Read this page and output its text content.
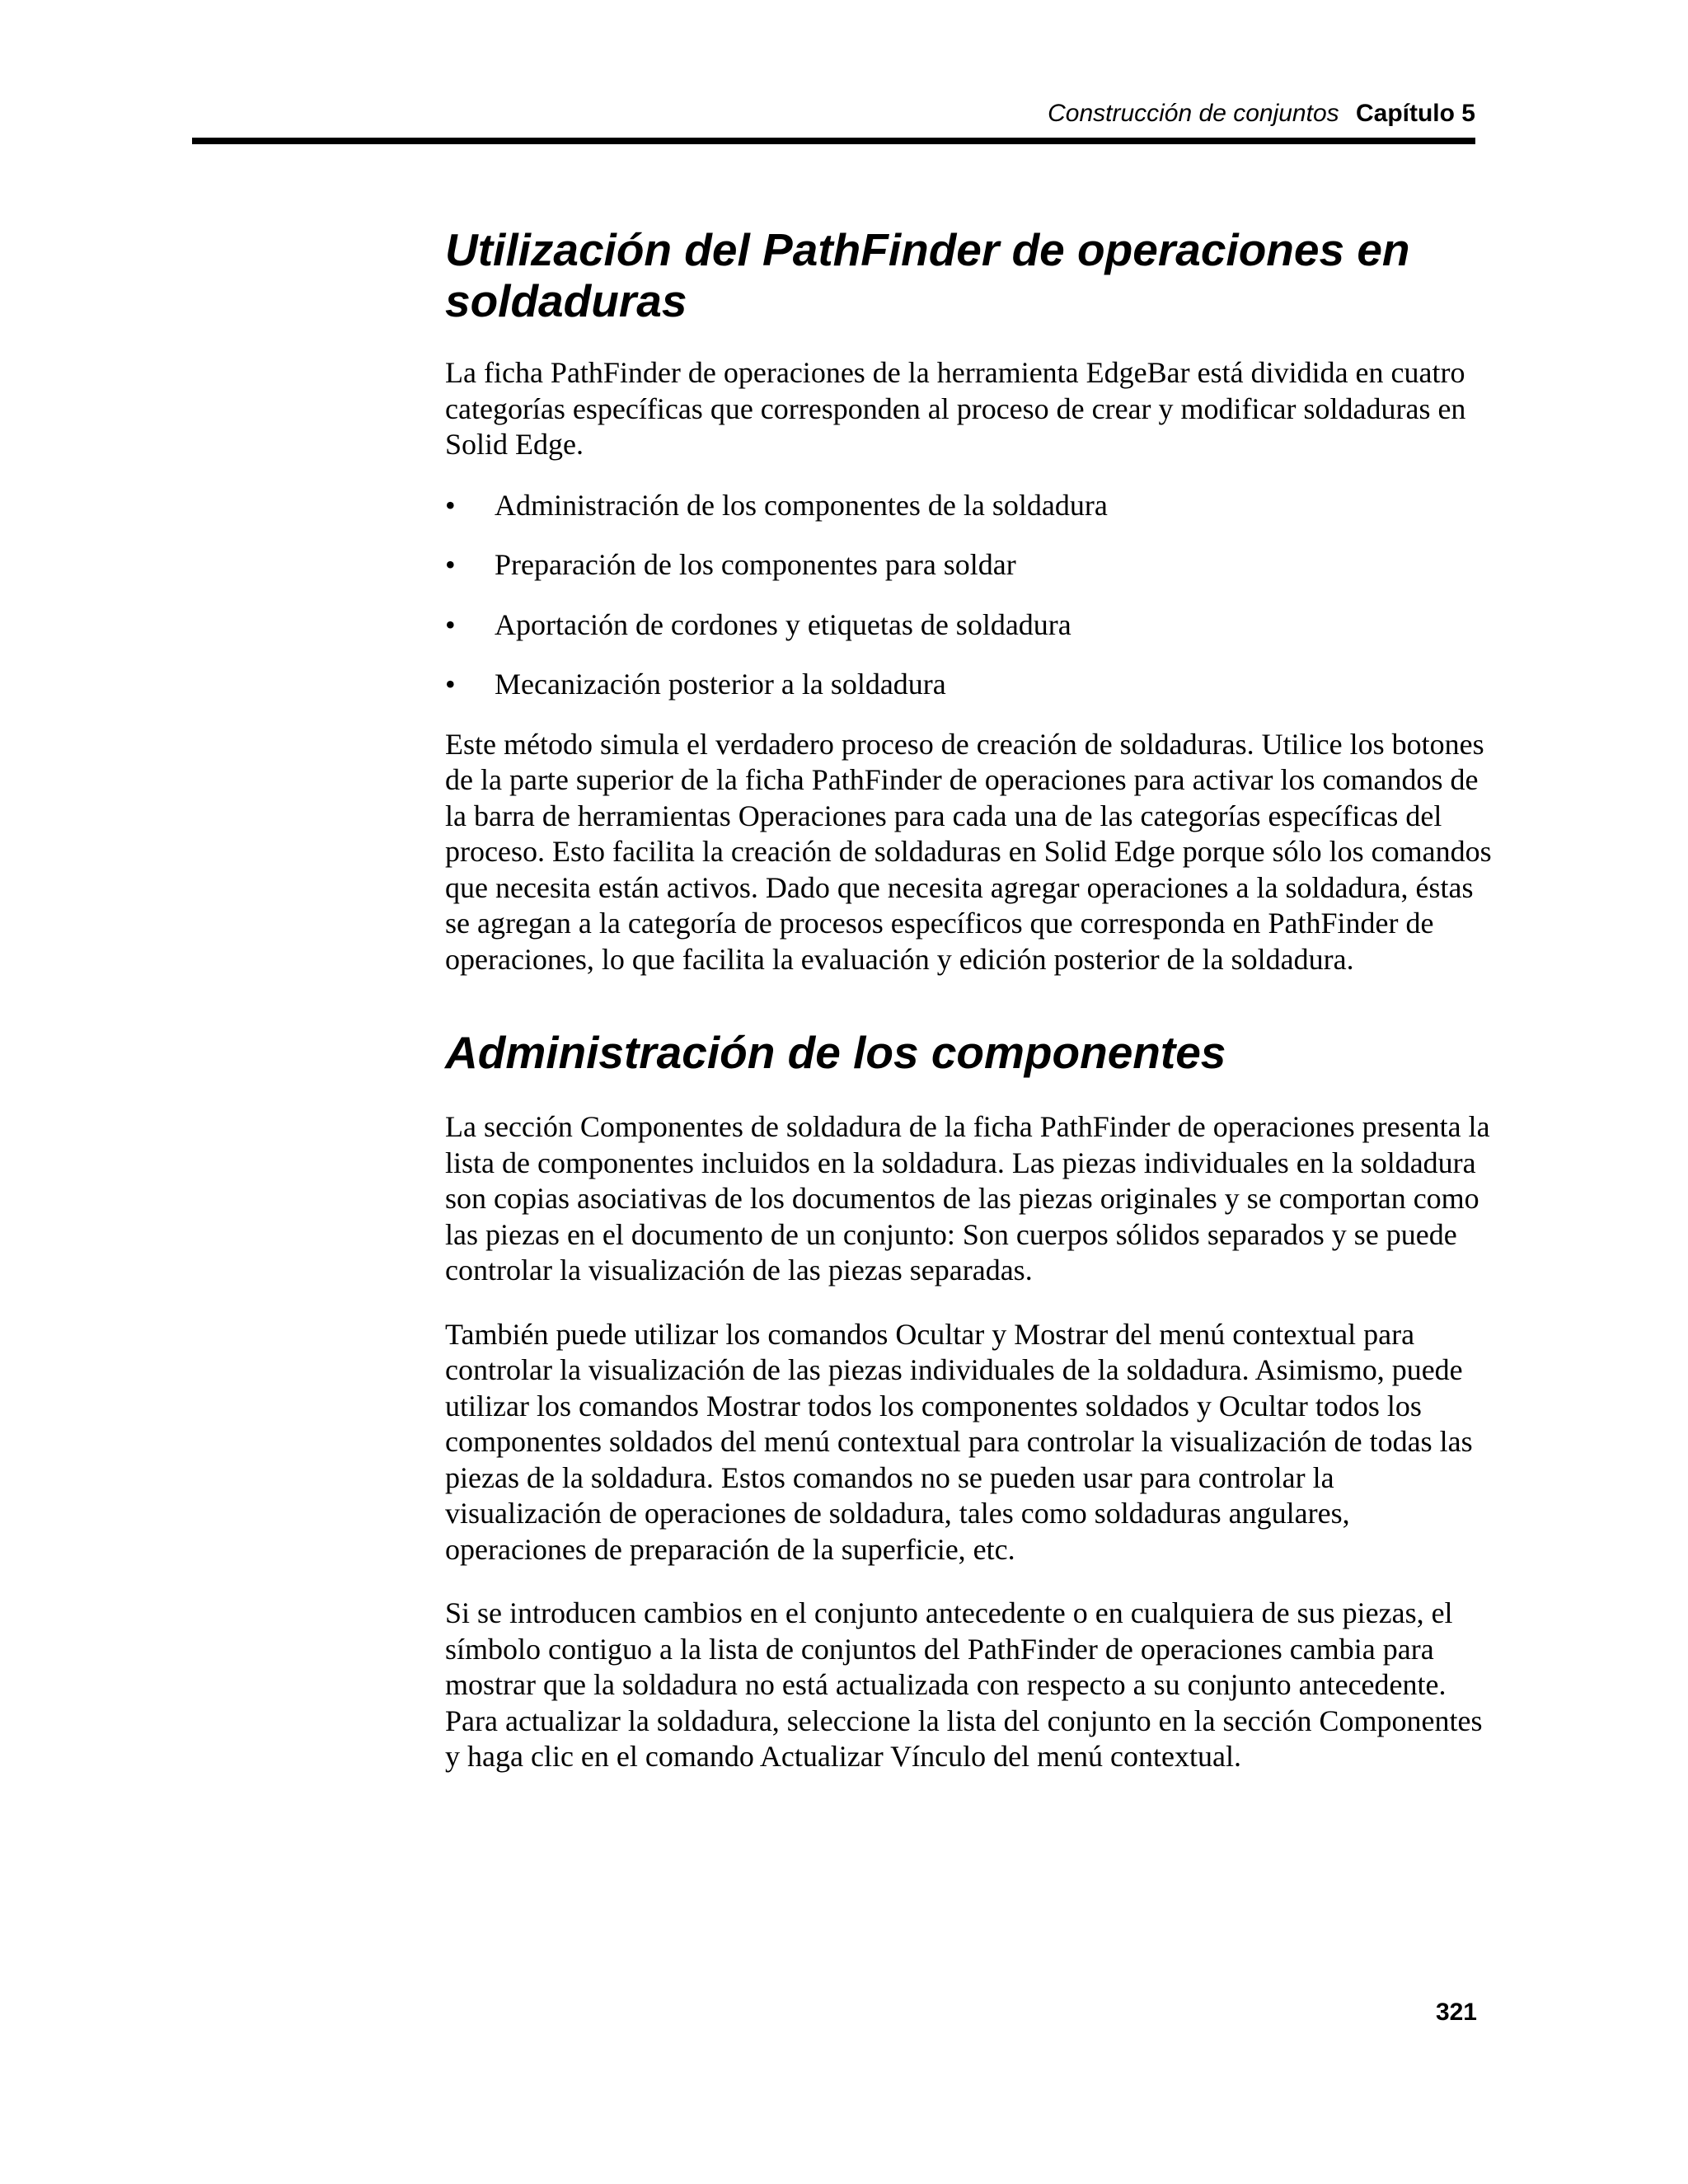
Construcción de conjuntos Capítulo 5
Utilización del PathFinder de operaciones en soldaduras

La ficha PathFinder de operaciones de la herramienta EdgeBar está dividida en cuatro categorías específicas que corresponden al proceso de crear y modificar soldaduras en Solid Edge.

• Administración de los componentes de la soldadura
• Preparación de los componentes para soldar
• Aportación de cordones y etiquetas de soldadura
• Mecanización posterior a la soldadura

Este método simula el verdadero proceso de creación de soldaduras. Utilice los botones de la parte superior de la ficha PathFinder de operaciones para activar los comandos de la barra de herramientas Operaciones para cada una de las categorías específicas del proceso. Esto facilita la creación de soldaduras en Solid Edge porque sólo los comandos que necesita están activos. Dado que necesita agregar operaciones a la soldadura, éstas se agregan a la categoría de procesos específicos que corresponda en PathFinder de operaciones, lo que facilita la evaluación y edición posterior de la soldadura.

Administración de los componentes

La sección Componentes de soldadura de la ficha PathFinder de operaciones presenta la lista de componentes incluidos en la soldadura. Las piezas individuales en la soldadura son copias asociativas de los documentos de las piezas originales y se comportan como las piezas en el documento de un conjunto: Son cuerpos sólidos separados y se puede controlar la visualización de las piezas separadas.

También puede utilizar los comandos Ocultar y Mostrar del menú contextual para controlar la visualización de las piezas individuales de la soldadura. Asimismo, puede utilizar los comandos Mostrar todos los componentes soldados y Ocultar todos los componentes soldados del menú contextual para controlar la visualización de todas las piezas de la soldadura. Estos comandos no se pueden usar para controlar la visualización de operaciones de soldadura, tales como soldaduras angulares, operaciones de preparación de la superficie, etc.

Si se introducen cambios en el conjunto antecedente o en cualquiera de sus piezas, el símbolo contiguo a la lista de conjuntos del PathFinder de operaciones cambia para mostrar que la soldadura no está actualizada con respecto a su conjunto antecedente. Para actualizar la soldadura, seleccione la lista del conjunto en la sección Componentes y haga clic en el comando Actualizar Vínculo del menú contextual.

321
